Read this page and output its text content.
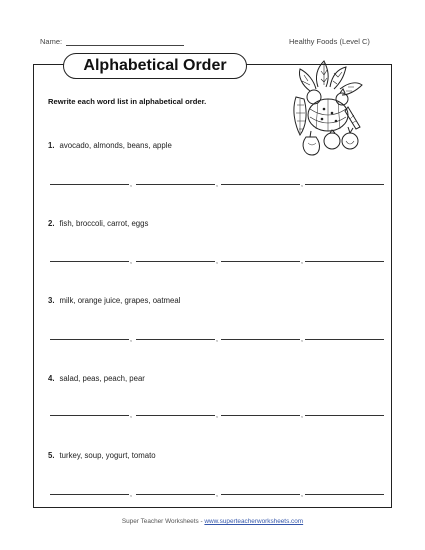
Name:	Healthy Foods (Level C)
Alphabetical Order
Rewrite each word list in alphabetical order.
1. avocado, almonds, beans, apple
,	,	,
2. fish, broccoli, carrot, eggs
,	,	,
3. milk, orange juice, grapes, oatmeal
,	,	,
4. salad, peas, peach, pear
,	,	,
5. turkey, soup, yogurt, tomato
,	,	,
Super Teacher Worksheets - www.superteacherworksheets.com
